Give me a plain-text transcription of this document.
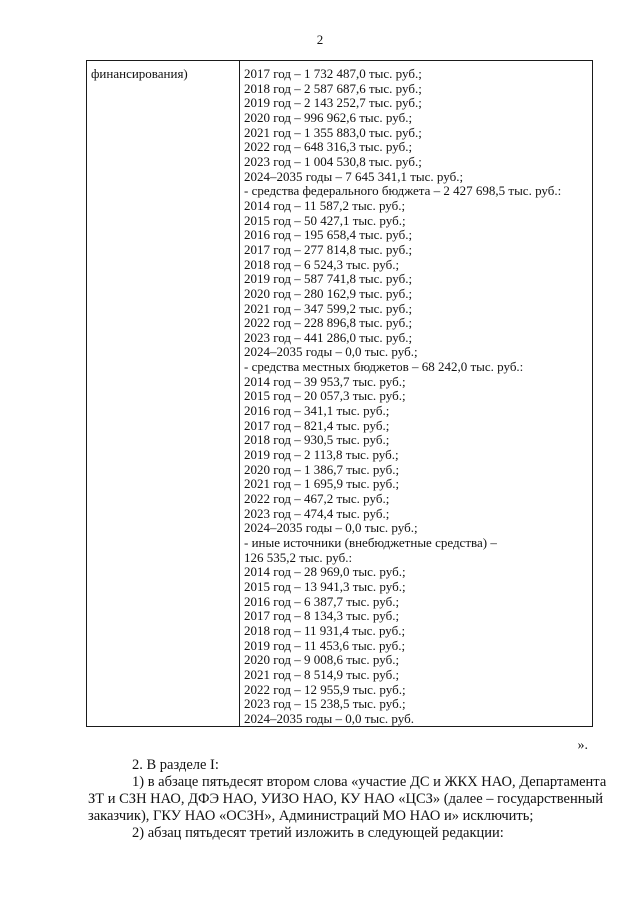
2
финансирования)	2017 год – 1 732 487,0 тыс. руб.;
2018 год – 2 587 687,6 тыс. руб.;
2019 год – 2 143 252,7 тыс. руб.;
2020 год – 996 962,6 тыс. руб.;
2021 год – 1 355 883,0 тыс. руб.;
2022 год – 648 316,3 тыс. руб.;
2023 год – 1 004 530,8 тыс. руб.;
2024–2035 годы – 7 645 341,1 тыс. руб.;
- средства федерального бюджета – 2 427 698,5 тыс. руб.:
2014 год – 11 587,2 тыс. руб.;
2015 год – 50 427,1 тыс. руб.;
2016 год – 195 658,4 тыс. руб.;
2017 год – 277 814,8 тыс. руб.;
2018 год – 6 524,3 тыс. руб.;
2019 год – 587 741,8 тыс. руб.;
2020 год – 280 162,9 тыс. руб.;
2021 год – 347 599,2 тыс. руб.;
2022 год – 228 896,8 тыс. руб.;
2023 год – 441 286,0 тыс. руб.;
2024–2035 годы – 0,0 тыс. руб.;
- средства местных бюджетов – 68 242,0 тыс. руб.:
2014 год – 39 953,7 тыс. руб.;
2015 год – 20 057,3 тыс. руб.;
2016 год – 341,1 тыс. руб.;
2017 год – 821,4 тыс. руб.;
2018 год – 930,5 тыс. руб.;
2019 год – 2 113,8 тыс. руб.;
2020 год – 1 386,7 тыс. руб.;
2021 год – 1 695,9 тыс. руб.;
2022 год – 467,2 тыс. руб.;
2023 год – 474,4 тыс. руб.;
2024–2035 годы – 0,0 тыс. руб.;
- иные источники (внебюджетные средства) –
126 535,2 тыс. руб.:
2014 год – 28 969,0 тыс. руб.;
2015 год – 13 941,3 тыс. руб.;
2016 год – 6 387,7 тыс. руб.;
2017 год – 8 134,3 тыс. руб.;
2018 год – 11 931,4 тыс. руб.;
2019 год – 11 453,6 тыс. руб.;
2020 год – 9 008,6 тыс. руб.;
2021 год – 8 514,9 тыс. руб.;
2022 год – 12 955,9 тыс. руб.;
2023 год – 15 238,5 тыс. руб.;
2024–2035 годы – 0,0 тыс. руб.
».
2. В разделе I:
1) в абзаце пятьдесят втором слова «участие ДС и ЖКХ НАО, Департамента
ЗТ и СЗН НАО, ДФЭ НАО, УИЗО НАО, КУ НАО «ЦСЗ» (далее – государственный
заказчик), ГКУ НАО «ОСЗН», Администраций МО НАО и» исключить;
2) абзац пятьдесят третий изложить в следующей редакции:
